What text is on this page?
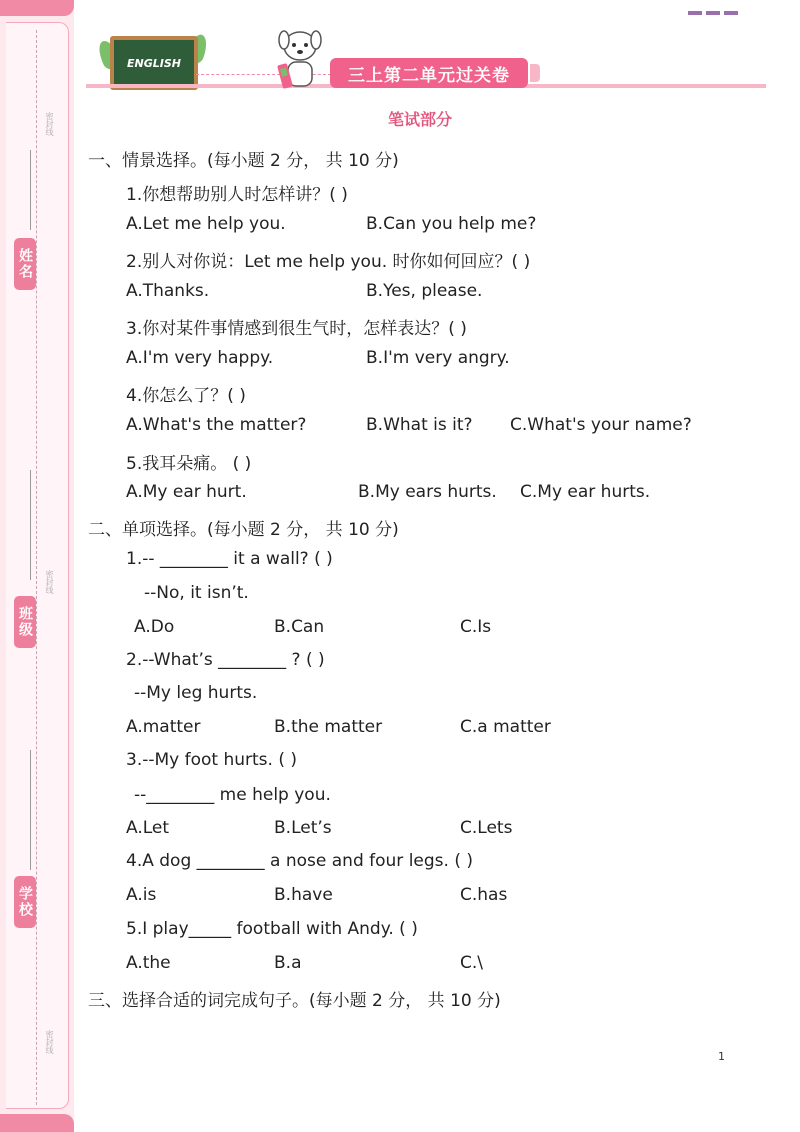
密封线
姓名
密封线
班级
学校
密封线
ENGLISH
三上第二单元过关卷
笔试部分
一、情景选择。(每小题 2 分， 共 10 分)
1.你想帮助别人时怎样讲？( )
A.Let me help you.	B.Can you help me?
2.别人对你说：Let me help you. 时你如何回应？( )
A.Thanks.	B.Yes, please.
3.你对某件事情感到很生气时，怎样表达？( )
A.I'm very happy.	B.I'm very angry.
4.你怎么了？( )
A.What's the matter?	B.What is it? C.What's your name?
5.我耳朵痛。 ( )
A.My ear hurt.	B.My ears hurts. C.My ear hurts.
二、单项选择。(每小题 2 分， 共 10 分)
1.-- ________ it a wall? ( )
--No, it isn’t.
A.Do	B.Can	C.Is
2.--What’s ________ ? ( )
--My leg hurts.
A.matter	B.the matter	C.a matter
3.--My foot hurts. ( )
--________ me help you.
A.Let	B.Let’s	C.Lets
4.A dog ________ a nose and four legs. ( )
A.is	B.have	C.has
5.I play_____ football with Andy. ( )
A.the	B.a	C.\
三、选择合适的词完成句子。(每小题 2 分， 共 10 分)
1
